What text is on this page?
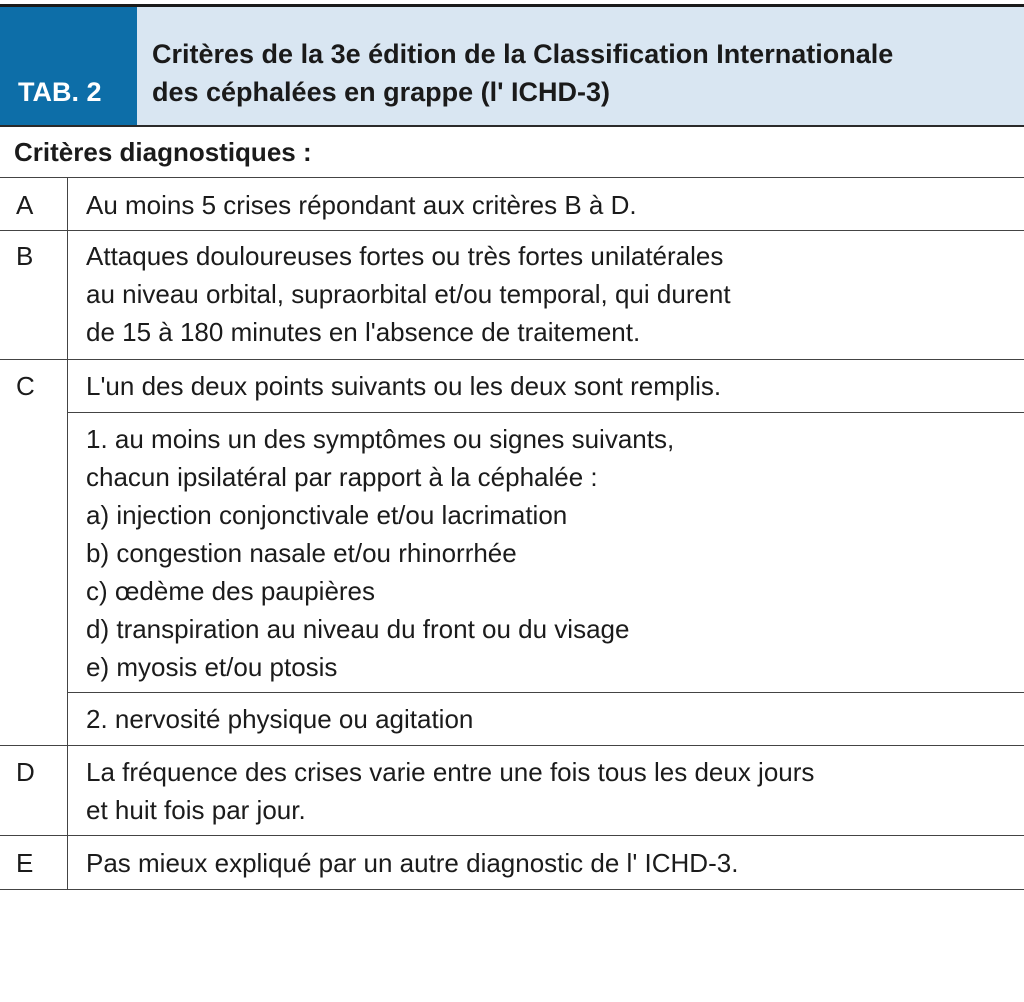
TAB. 2
Critères de la 3e édition de la Classification Internationale
des céphalées en grappe (l' ICHD-3)
Critères diagnostiques :
A	Au moins 5 crises répondant aux critères B à D.
B	Attaques douloureuses fortes ou très fortes unilatérales
au niveau orbital, supraorbital et/ou temporal, qui durent
de 15 à 180 minutes en l'absence de traitement.
C	L'un des deux points suivants ou les deux sont remplis.
1. au moins un des symptômes ou signes suivants,
chacun ipsilatéral par rapport à la céphalée :
a) injection conjonctivale et/ou lacrimation
b) congestion nasale et/ou rhinorrhée
c) œdème des paupières
d) transpiration au niveau du front ou du visage
e) myosis et/ou ptosis
2. nervosité physique ou agitation
D	La fréquence des crises varie entre une fois tous les deux jours
et huit fois par jour.
E	Pas mieux expliqué par un autre diagnostic de l' ICHD-3.
